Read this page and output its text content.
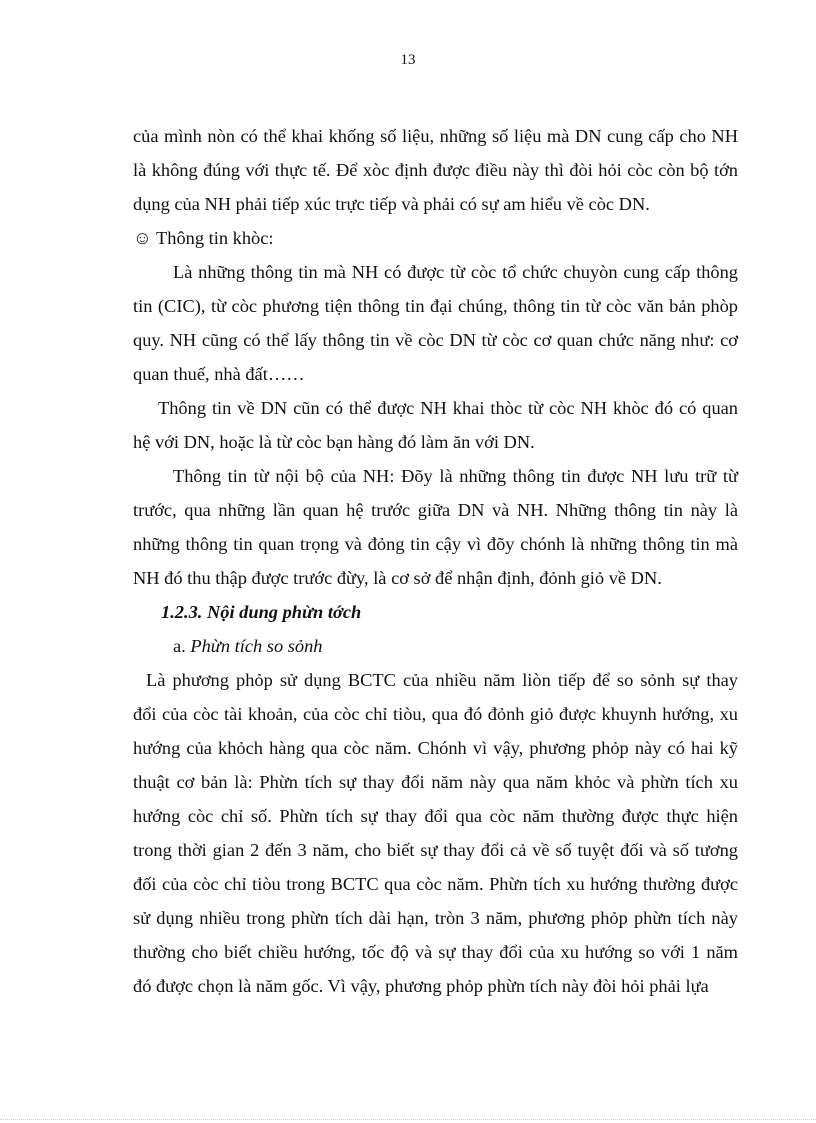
13
của mình nòn có thể khai khống số liệu, những số liệu mà DN cung cấp cho NH
là không đúng với thực tế. Để xòc định được điều này thì đòi hỏi còc còn bộ tớn
dụng của NH phải tiếp xúc trực tiếp và phải có sự am hiểu về còc DN.
☺ Thông tin khòc:
Là những thông tin mà NH có được từ còc tổ chức chuyòn cung cấp thông
tin (CIC), từ còc phương tiện thông tin đại chúng, thông tin từ còc văn bản phòp
quy. NH cũng có thể lấy thông tin về còc DN từ còc cơ quan chức năng như: cơ
quan thuế, nhà đất……
Thông tin về DN cũn có thể được NH khai thòc từ còc NH khòc đó có quan
hệ với DN, hoặc là từ còc bạn hàng đó làm ăn với DN.
Thông tin từ nội bộ của NH: Đõy là những thông tin được NH lưu trữ từ
trước, qua những lần quan hệ trước giữa DN và NH. Những thông tin này là
những thông tin quan trọng và đỏng tin cậy vì đõy chónh là những thông tin mà
NH đó thu thập được trước đừy, là cơ sở để nhận định, đỏnh giỏ về DN.
1.2.3. Nội dung phừn tớch
a. Phừn tích so sỏnh
Là phương phỏp sử dụng BCTC của nhiều năm liòn tiếp để so sỏnh sự thay
đổi của còc tài khoản, của còc chỉ tiòu, qua đó đỏnh giỏ được khuynh hướng, xu
hướng của khỏch hàng qua còc năm. Chónh vì vậy, phương phỏp này có hai kỹ
thuật cơ bản là: Phừn tích sự thay đổi năm này qua năm khỏc và phừn tích xu
hướng còc chỉ số. Phừn tích sự thay đổi qua còc năm thường được thực hiện
trong thời gian 2 đến 3 năm, cho biết sự thay đổi cả về số tuyệt đối và số tương
đối của còc chỉ tiòu trong BCTC qua còc năm. Phừn tích xu hướng thường được
sử dụng nhiều trong phừn tích dài hạn, tròn 3 năm, phương phỏp phừn tích này
thường cho biết chiều hướng, tốc độ và sự thay đổi của xu hướng so với 1 năm
đó được chọn là năm gốc. Vì vậy, phương phỏp phừn tích này đòi hỏi phải lựa
